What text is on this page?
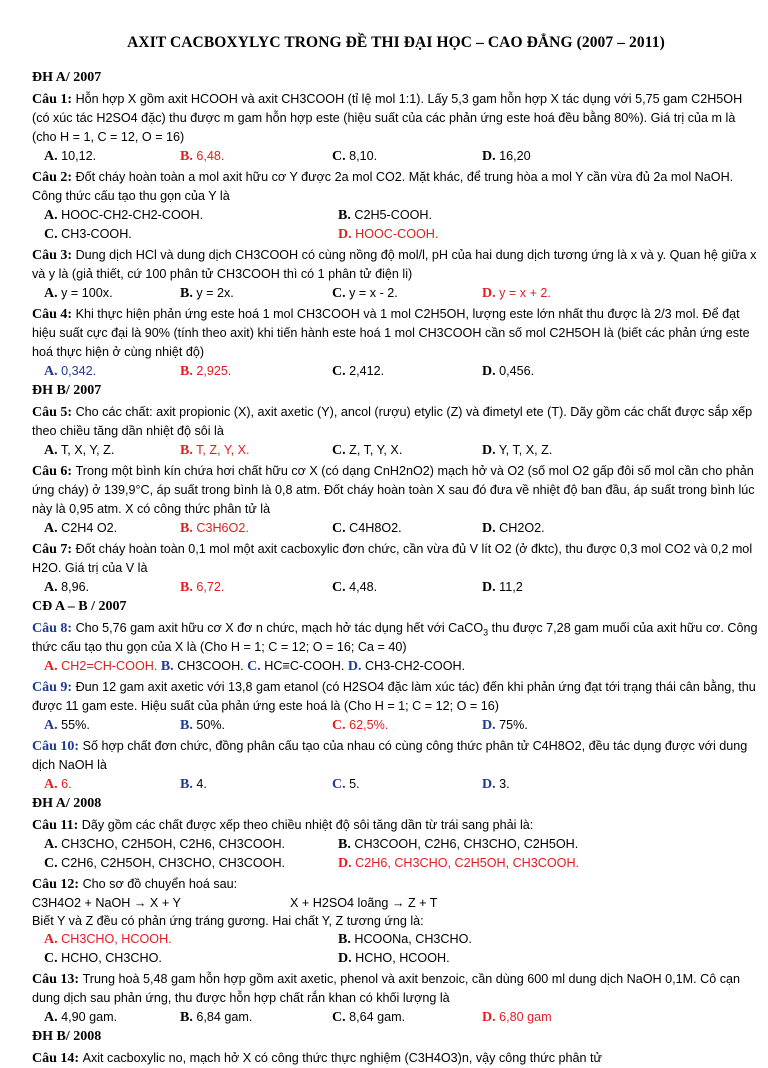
AXIT CACBOXYLYC TRONG ĐỀ THI ĐẠI HỌC – CAO ĐẲNG (2007 – 2011)
ĐH A/ 2007

Câu 1: Hỗn hợp X gồm axit HCOOH và axit CH3COOH (tỉ lệ mol 1:1). Lấy 5,3 gam hỗn hợp X tác dụng với 5,75 gam C2H5OH (có xúc tác H2SO4 đặc) thu được m gam hỗn hợp este (hiệu suất của các phản ứng este hoá đều bằng 80%). Giá trị của m là (cho H = 1, C = 12, O = 16)

A. 10,12.	B. 6,48.	C. 8,10.	D. 16,20

Câu 2: Đốt cháy hoàn toàn a mol axit hữu cơ Y được 2a mol CO2. Mặt khác, để trung hòa a mol Y cần vừa đủ 2a mol NaOH. Công thức cấu tạo thu gọn của Y là

A. HOOC-CH2-CH2-COOH.	B. C2H5-COOH.
C. CH3-COOH.	D. HOOC-COOH.

Câu 3: Dung dịch HCl và dung dịch CH3COOH có cùng nồng độ mol/l, pH của hai dung dịch tương ứng là x và y. Quan hệ giữa x và y là (giả thiết, cứ 100 phân tử CH3COOH thì có 1 phân tử điện li)

A. y = 100x.	B. y = 2x.	C. y = x - 2.	D. y = x + 2.

Câu 4: Khi thực hiện phản ứng este hoá 1 mol CH3COOH và 1 mol C2H5OH, lượng este lớn nhất thu được là 2/3 mol. Để đạt hiệu suất cực đại là 90% (tính theo axit) khi tiến hành este hoá 1 mol CH3COOH cần số mol C2H5OH là (biết các phản ứng este hoá thực hiện ở cùng nhiệt độ)

A. 0,342.	B. 2,925.	C. 2,412.	D. 0,456.
ĐH B/ 2007

Câu 5: Cho các chất: axit propionic (X), axit axetic (Y), ancol (rượu) etylic (Z) và đimetyl ete (T). Dãy gồm các chất được sắp xếp theo chiều tăng dần nhiệt độ sôi là

A. T, X, Y, Z.	B. T, Z, Y, X.	C. Z, T, Y, X.	D. Y, T, X, Z.

Câu 6: Trong một bình kín chứa hơi chất hữu cơ X (có dạng CnH2nO2) mạch hở và O2 (số mol O2 gấp đôi số mol cần cho phản ứng cháy) ở 139,9°C, áp suất trong bình là 0,8 atm. Đốt cháy hoàn toàn X sau đó đưa về nhiệt độ ban đầu, áp suất trong bình lúc này là 0,95 atm. X có công thức phân tử là

A. C2H4 O2.	B. C3H6O2.	C. C4H8O2.	D. CH2O2.

Câu 7: Đốt cháy hoàn toàn 0,1 mol một axit cacboxylic đơn chức, cần vừa đủ V lít O2 (ở đktc), thu được 0,3 mol CO2 và 0,2 mol H2O. Giá trị của V là

A. 8,96.	B. 6,72.	C. 4,48.	D. 11,2
CĐ A – B / 2007

Câu 8: Cho 5,76 gam axit hữu cơ X đơ n chức, mạch hở tác dụng hết với CaCO$_3$ thu được 7,28 gam muối của axit hữu cơ. Công thức cấu tạo thu gọn của X là (Cho H = 1; C = 12; O = 16; Ca = 40)

A. CH2=CH-COOH. B. CH3COOH. C. HC≡C-COOH. D. CH3-CH2-COOH.

Câu 9: Đun 12 gam axit axetic với 13,8 gam etanol (có H2SO4 đặc làm xúc tác) đến khi phản ứng đạt tới trạng thái cân bằng, thu được 11 gam este. Hiệu suất của phản ứng este hoá là (Cho H = 1; C = 12; O = 16)

A. 55%.	B. 50%.	C. 62,5%.	D. 75%.

Câu 10: Số hợp chất đơn chức, đồng phân cấu tạo của nhau có cùng công thức phân tử C4H8O2, đều tác dụng được với dung dịch NaOH là

A. 6.	B. 4.	C. 5.	D. 3.
ĐH A/ 2008

Câu 11: Dãy gồm các chất được xếp theo chiều nhiệt độ sôi tăng dần từ trái sang phải là:

A. CH3CHO, C2H5OH, C2H6, CH3COOH.	B. CH3COOH, C2H6, CH3CHO, C2H5OH.
C. C2H6, C2H5OH, CH3CHO, CH3COOH.	D. C2H6, CH3CHO, C2H5OH, CH3COOH.

Câu 12: Cho sơ đồ chuyển hoá sau:

C3H4O2 + NaOH → X + Y	X + H2SO4 loãng → Z + T

Biết Y và Z đều có phản ứng tráng gương. Hai chất Y, Z tương ứng là:

A. CH3CHO, HCOOH.	B. HCOONa, CH3CHO.
C. HCHO, CH3CHO.	D. HCHO, HCOOH.

Câu 13: Trung hoà 5,48 gam hỗn hợp gồm axit axetic, phenol và axit benzoic, cần dùng 600 ml dung dịch NaOH 0,1M. Cô cạn dung dịch sau phản ứng, thu được hỗn hợp chất rắn khan có khối lượng là

A. 4,90 gam.	B. 6,84 gam.	C. 8,64 gam.	D. 6,80 gam
ĐH B/ 2008

Câu 14: Axit cacboxylic no, mạch hở X có công thức thực nghiệm (C3H4O3)n, vậy công thức phân tử
